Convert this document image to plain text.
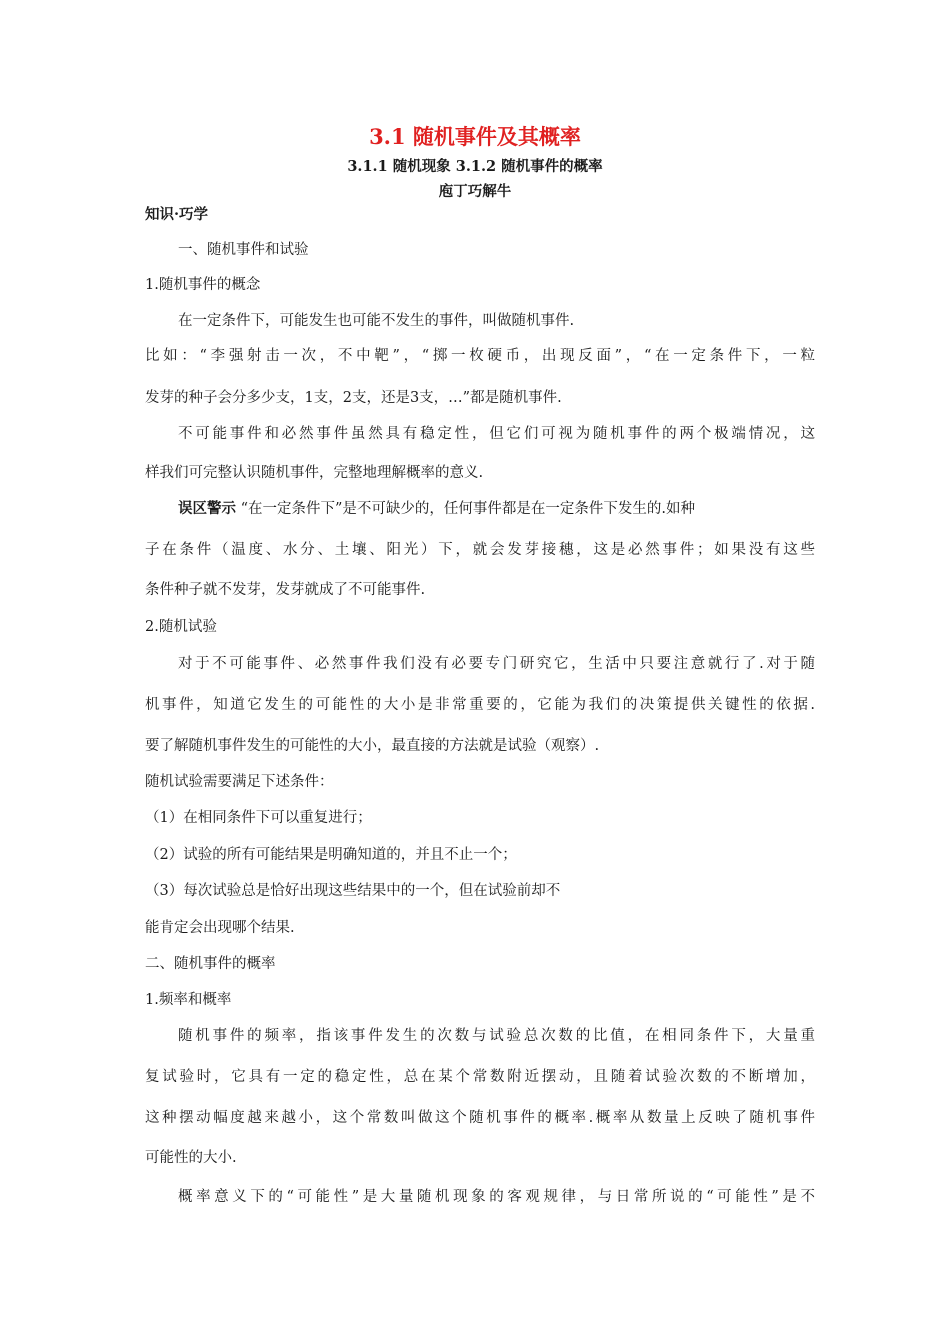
3.1 随机事件及其概率
3.1.1 随机现象 3.1.2 随机事件的概率
庖丁巧解牛
知识·巧学
一、随机事件和试验
1.随机事件的概念
在一定条件下，可能发生也可能不发生的事件，叫做随机事件.
比如：“李强射击一次，不中靶”，“掷一枚硬币，出现反面”，“在一定条件下，一粒
发芽的种子会分多少支，1支，2支，还是3支，…”都是随机事件.
不可能事件和必然事件虽然具有稳定性，但它们可视为随机事件的两个极端情况，这
样我们可完整认识随机事件，完整地理解概率的意义.
误区警示 “在一定条件下”是不可缺少的，任何事件都是在一定条件下发生的.如种
子在条件（温度、水分、土壤、阳光）下，就会发芽接穗，这是必然事件；如果没有这些
条件种子就不发芽，发芽就成了不可能事件.
2.随机试验
对于不可能事件、必然事件我们没有必要专门研究它，生活中只要注意就行了.对于随
机事件，知道它发生的可能性的大小是非常重要的，它能为我们的决策提供关键性的依据.
要了解随机事件发生的可能性的大小，最直接的方法就是试验（观察）.
随机试验需要满足下述条件：
（1）在相同条件下可以重复进行；
（2）试验的所有可能结果是明确知道的，并且不止一个；
（3）每次试验总是恰好出现这些结果中的一个，但在试验前却不
能肯定会出现哪个结果.
二、随机事件的概率
1.频率和概率
随机事件的频率，指该事件发生的次数与试验总次数的比值，在相同条件下，大量重
复试验时，它具有一定的稳定性，总在某个常数附近摆动，且随着试验次数的不断增加，
这种摆动幅度越来越小，这个常数叫做这个随机事件的概率.概率从数量上反映了随机事件
可能性的大小.
概率意义下的“可能性”是大量随机现象的客观规律，与日常所说的“可能性”是不
